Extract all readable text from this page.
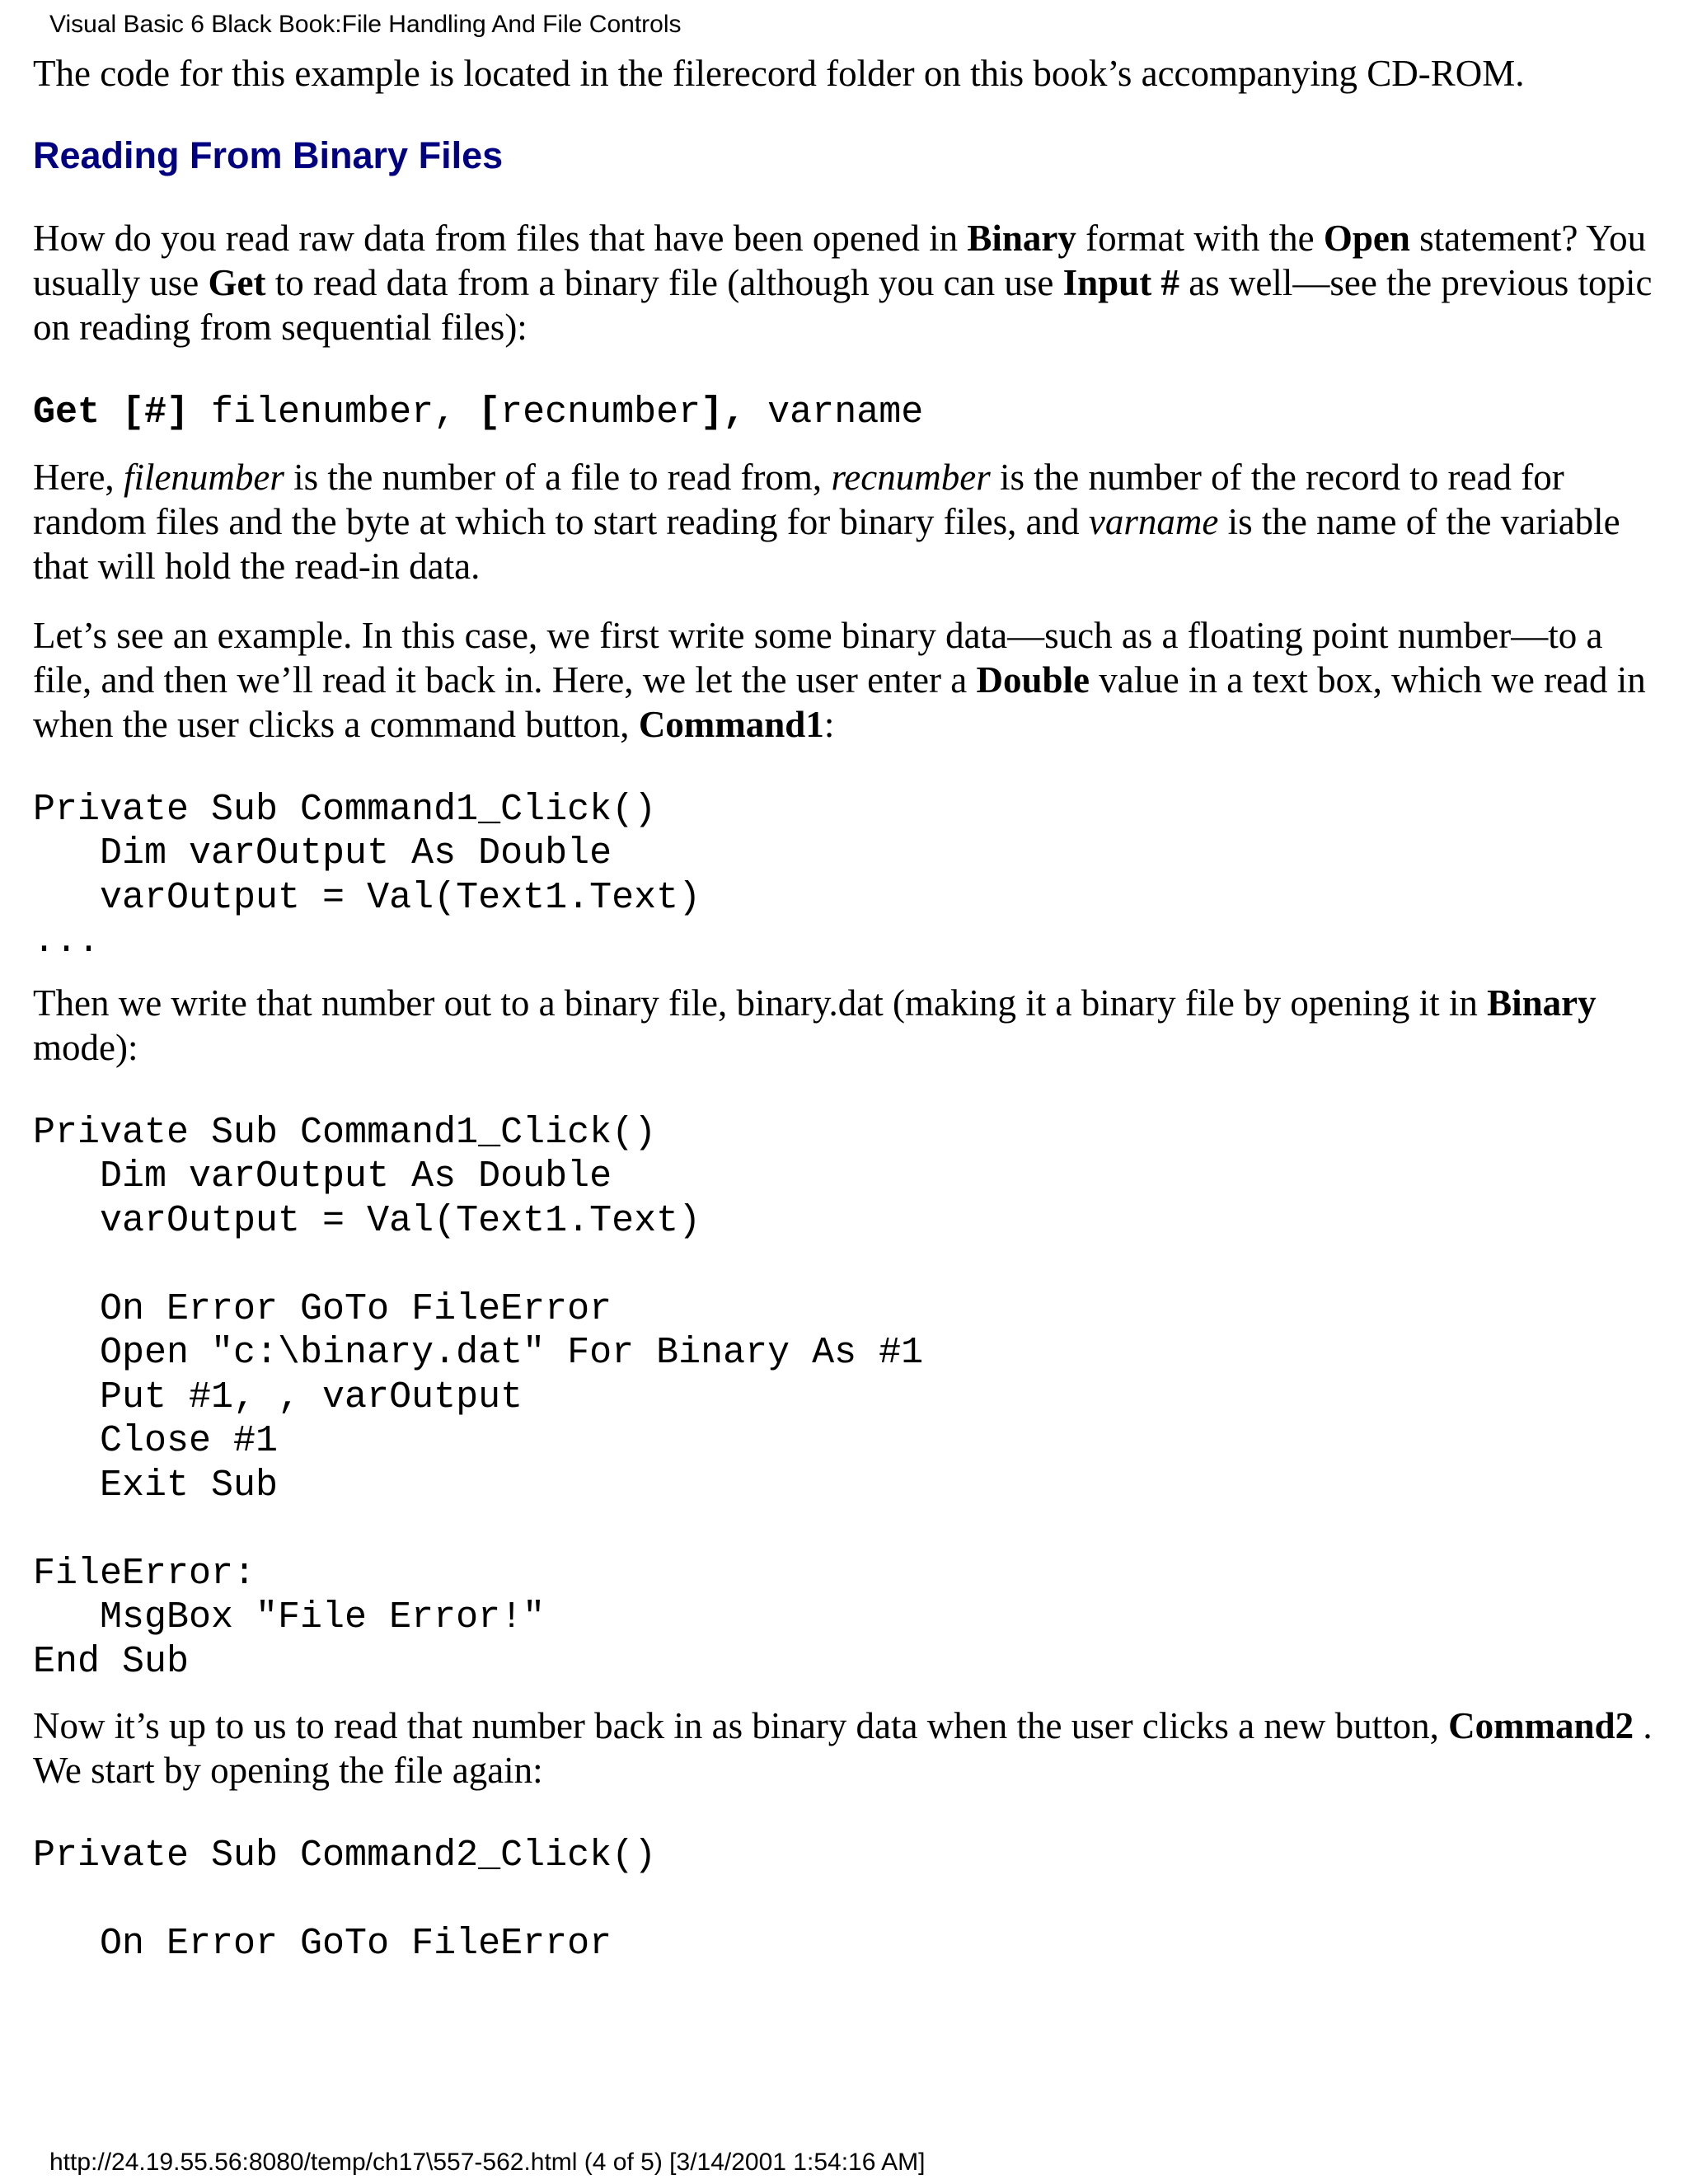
Visual Basic 6 Black Book:File Handling And File Controls

The code for this example is located in the filerecord folder on this book’s accompanying CD-ROM.

Reading From Binary Files

How do you read raw data from files that have been opened in Binary format with the Open statement? You usually use Get to read data from a binary file (although you can use Input # as well—see the previous topic on reading from sequential files):

Get [#] filenumber, [recnumber], varname

Here, filenumber is the number of a file to read from, recnumber is the number of the record to read for random files and the byte at which to start reading for binary files, and varname is the name of the variable that will hold the read-in data.

Let’s see an example. In this case, we first write some binary data—such as a floating point number—to a file, and then we’ll read it back in. Here, we let the user enter a Double value in a text box, which we read in when the user clicks a command button, Command1:

Private Sub Command1_Click()
Dim varOutput As Double
varOutput = Val(Text1.Text)
...

Then we write that number out to a binary file, binary.dat (making it a binary file by opening it in Binary mode):

Private Sub Command1_Click()
Dim varOutput As Double
varOutput = Val(Text1.Text)

On Error GoTo FileError
Open "c:\binary.dat" For Binary As #1
Put #1, , varOutput
Close #1
Exit Sub

FileError:
MsgBox "File Error!"
End Sub

Now it’s up to us to read that number back in as binary data when the user clicks a new button, Command2 . We start by opening the file again:

Private Sub Command2_Click()

On Error GoTo FileError
http://24.19.55.56:8080/temp/ch17\557-562.html (4 of 5) [3/14/2001 1:54:16 AM]
